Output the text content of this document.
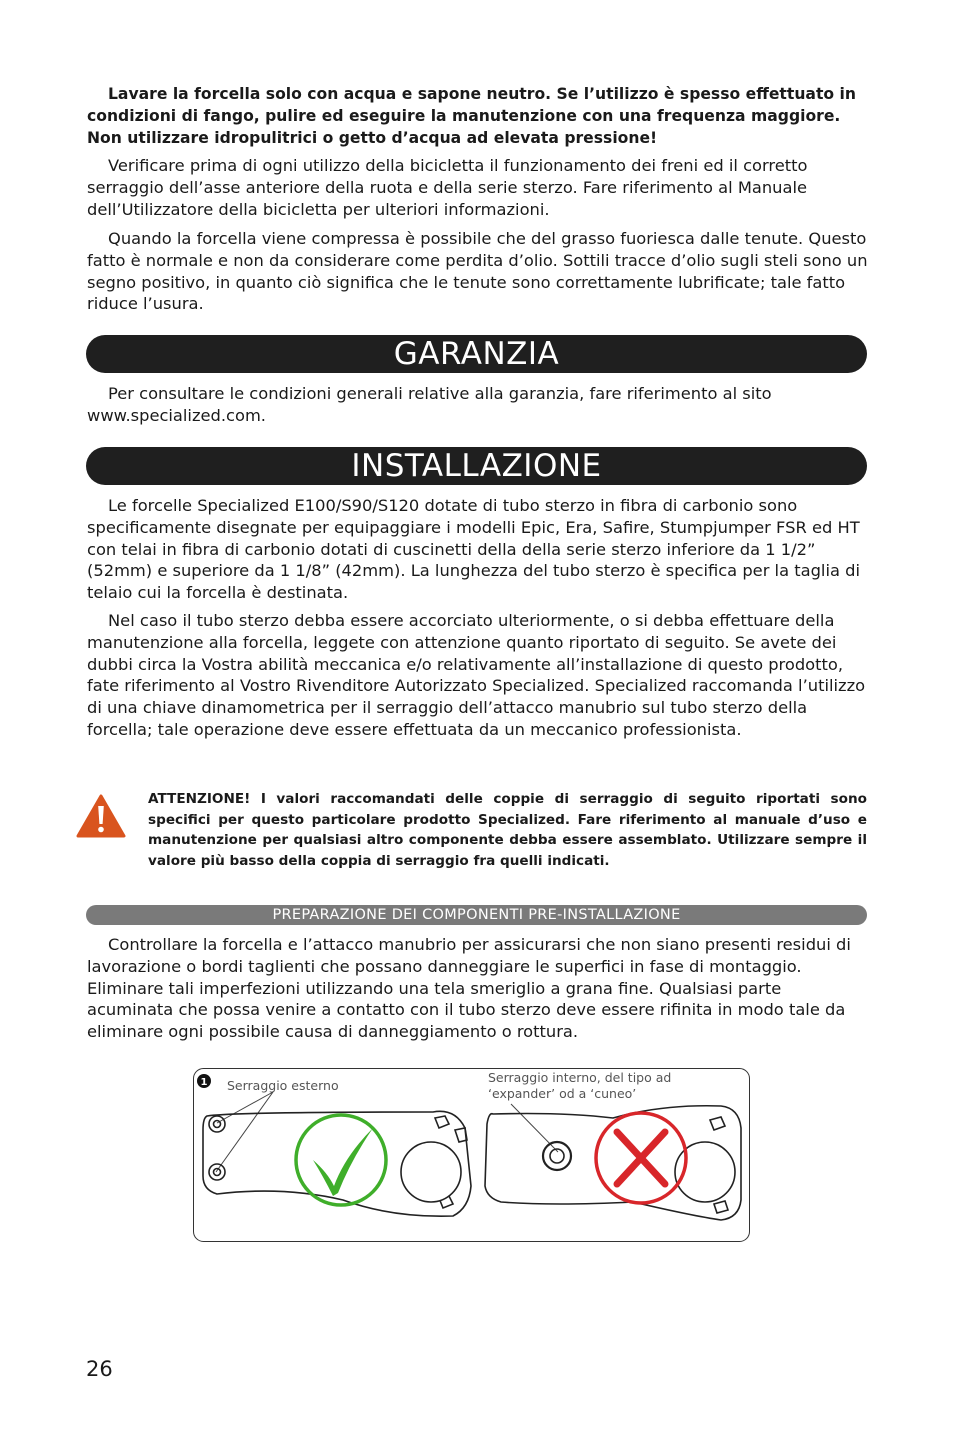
Lavare la forcella solo con acqua e sapone neutro. Se l’utilizzo è spesso effettuato in condizioni di fango, pulire ed eseguire la manutenzione con una frequenza maggiore. Non utilizzare idropulitrici o getto d’acqua ad elevata pressione!

Verificare prima di ogni utilizzo della bicicletta il funzionamento dei freni ed il corretto serraggio dell’asse anteriore della ruota e della serie sterzo. Fare riferimento al Manuale dell’Utilizzatore della bicicletta per ulteriori informazioni.

Quando la forcella viene compressa è possibile che del grasso fuoriesca dalle tenute. Questo fatto è normale e non da considerare come perdita d’olio. Sottili tracce d’olio sugli steli sono un segno positivo, in quanto ciò significa che le tenute sono correttamente lubrificate; tale fatto riduce l’usura.

GARANZIA

Per consultare le condizioni generali relative alla garanzia, fare riferimento al sito www.specialized.com.

INSTALLAZIONE

Le forcelle Specialized E100/S90/S120 dotate di tubo sterzo in fibra di carbonio sono specificamente disegnate per equipaggiare i modelli Epic, Era, Safire, Stumpjumper FSR ed HT con telai in fibra di carbonio dotati di cuscinetti della della serie sterzo inferiore da 1 1/2” (52mm) e superiore da 1 1/8” (42mm). La lunghezza del tubo sterzo è specifica per la taglia di telaio cui la forcella è destinata.

Nel caso il tubo sterzo debba essere accorciato ulteriormente, o si debba effettuare della manutenzione alla forcella, leggete con attenzione quanto riportato di seguito. Se avete dei dubbi circa la Vostra abilità meccanica e/o relativamente all’installazione di questo prodotto, fate riferimento al Vostro Rivenditore Autorizzato Specialized. Specialized raccomanda l’utilizzo di una chiave dinamometrica per il serraggio dell’attacco manubrio sul tubo sterzo della forcella; tale operazione deve essere effettuata da un meccanico professionista.

ATTENZIONE! I valori raccomandati delle coppie di serraggio di seguito riportati sono specifici per questo particolare prodotto Specialized. Fare riferimento al manuale d’uso e manutenzione per qualsiasi altro componente debba essere assemblato. Utilizzare sempre il valore più basso della coppia di serraggio fra quelli indicati.

PREPARAZIONE DEI COMPONENTI PRE-INSTALLAZIONE

Controllare la forcella e l’attacco manubrio per assicurarsi che non siano presenti residui di lavorazione o bordi taglienti che possano danneggiare le superfici in fase di montaggio. Eliminare tali imperfezioni utilizzando una tela smeriglio a grana fine. Qualsiasi parte acuminata che possa venire a contatto con il tubo sterzo deve essere rifinita in modo tale da eliminare ogni possibile causa di danneggiamento o rottura.

1 Serraggio esterno
Serraggio interno, del tipo ad
‘expander’ od a ‘cuneo’
26
